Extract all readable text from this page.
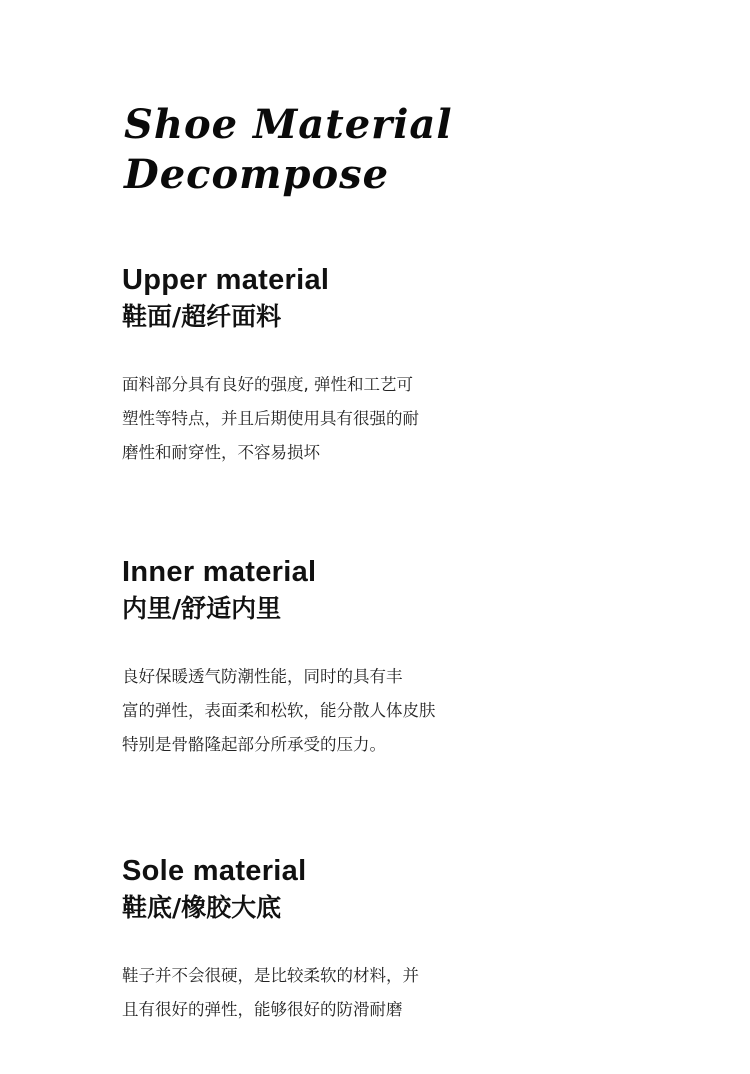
Shoe Material
Decompose
Upper material
鞋面/超纤面料
面料部分具有良好的强度, 弹性和工艺可
塑性等特点，并且后期使用具有很强的耐
磨性和耐穿性，不容易损坏
Inner material
内里/舒适内里
良好保暖透气防潮性能，同时的具有丰
富的弹性，表面柔和松软，能分散人体皮肤
特别是骨骼隆起部分所承受的压力。
Sole material
鞋底/橡胶大底
鞋子并不会很硬，是比较柔软的材料，并
且有很好的弹性，能够很好的防滑耐磨
